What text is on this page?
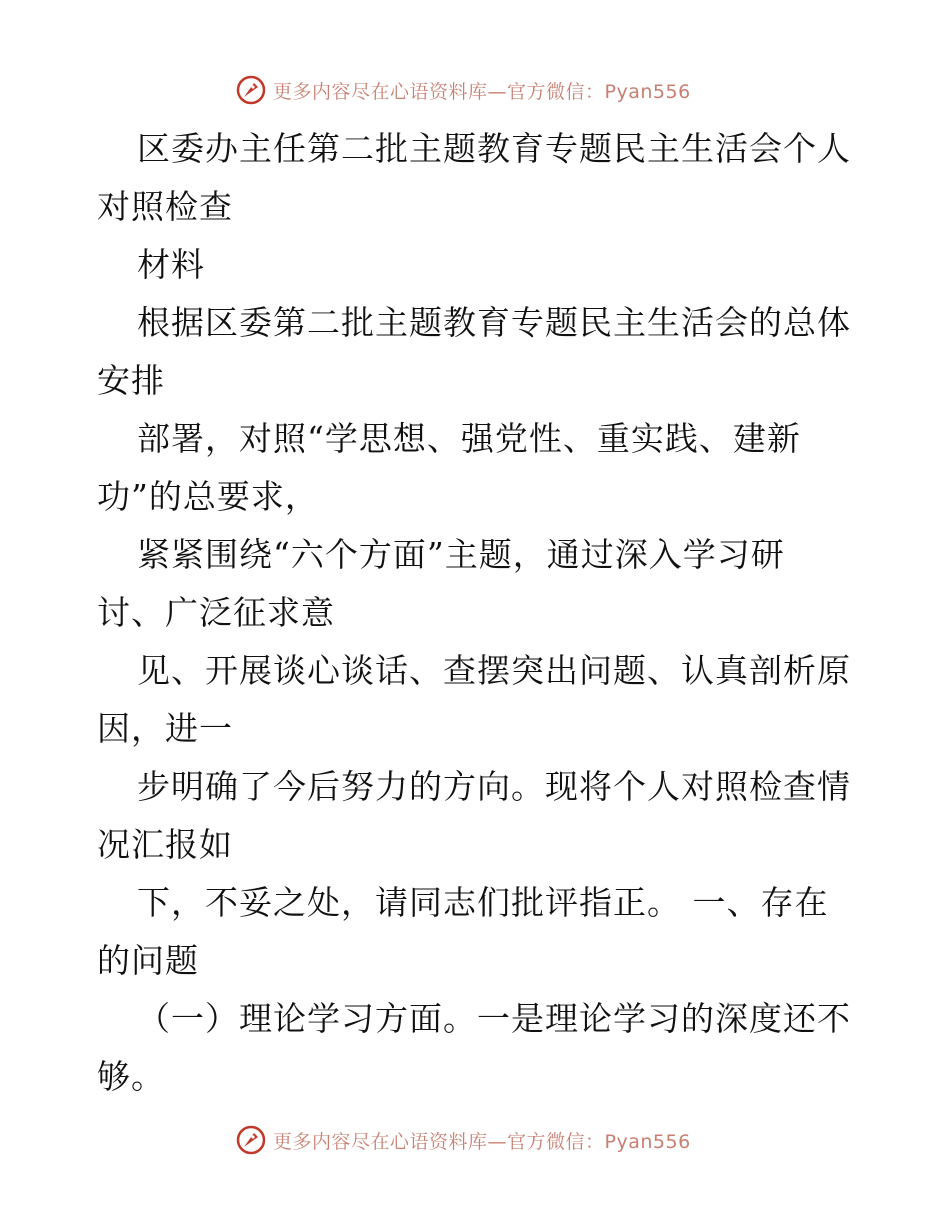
更多内容尽在心语资料库—官方微信：Pyan556
区委办主任第二批主题教育专题民主生活会个人
对照检查
材料
根据区委第二批主题教育专题民主生活会的总体
安排
部署，对照“学思想、强党性、重实践、建新
功”的总要求，
紧紧围绕“六个方面”主题，通过深入学习研
讨、广泛征求意
见、开展谈心谈话、查摆突出问题、认真剖析原
因，进一
步明确了今后努力的方向。现将个人对照检查情
况汇报如
下，不妥之处，请同志们批评指正。 一、存在
的问题
（一）理论学习方面。一是理论学习的深度还不
够。
更多内容尽在心语资料库—官方微信：Pyan556
